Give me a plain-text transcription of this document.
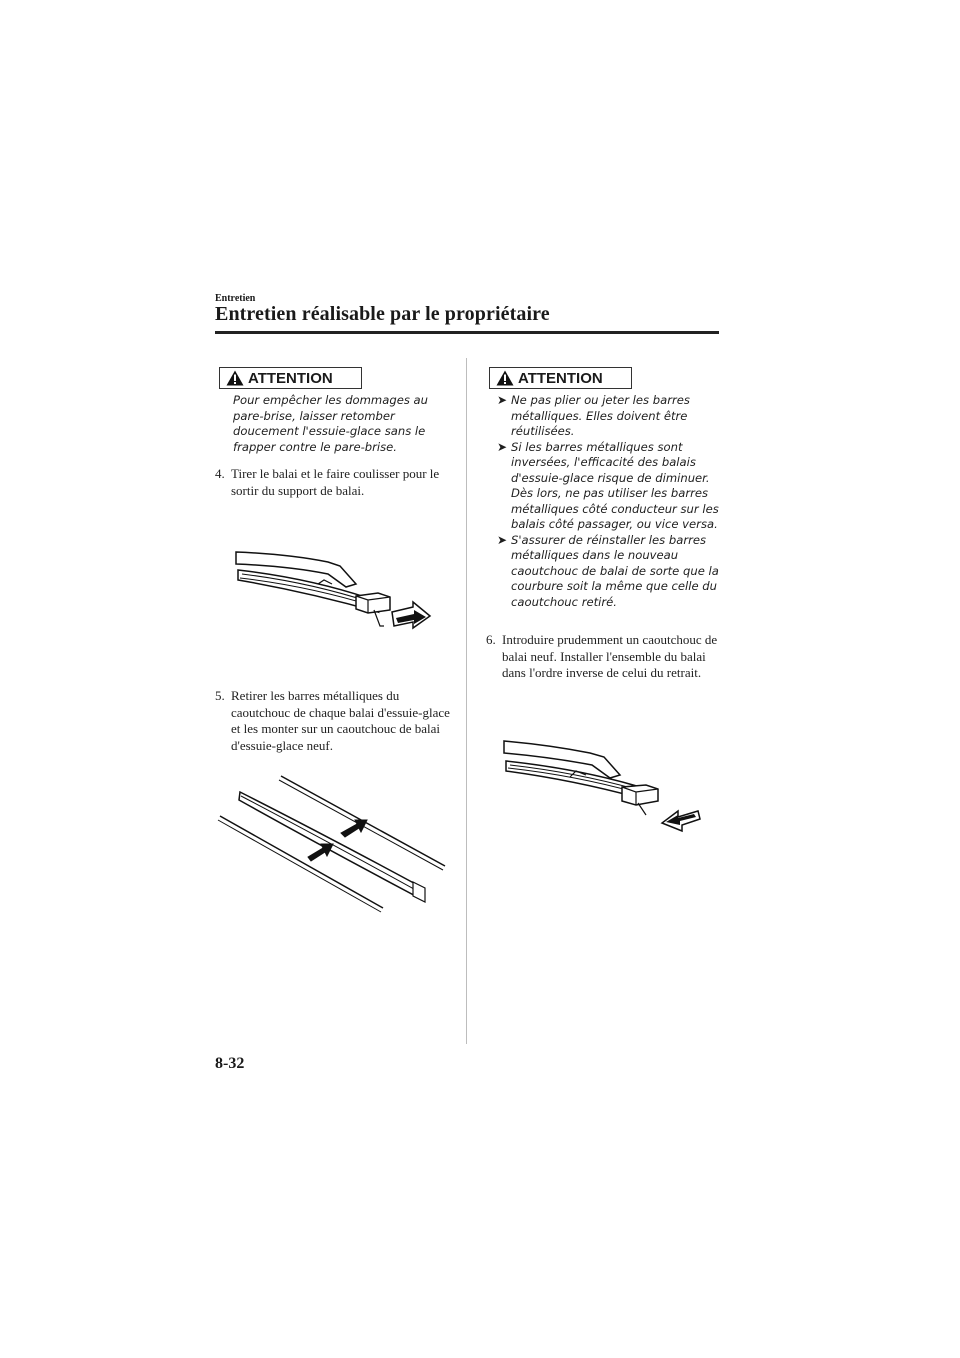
Entretien
Entretien réalisable par le propriétaire
ATTENTION
Pour empêcher les dommages au
pare-brise, laisser retomber
doucement l'essuie-glace sans le
frapper contre le pare-brise.
4. Tirer le balai et le faire coulisser pour le sortir du support de balai.
5. Retirer les barres métalliques du caoutchouc de chaque balai d'essuie-glace et les monter sur un caoutchouc de balai d'essuie-glace neuf.
ATTENTION
➤ Ne pas plier ou jeter les barres métalliques. Elles doivent être réutilisées.
➤ Si les barres métalliques sont inversées, l'efficacité des balais d'essuie-glace risque de diminuer. Dès lors, ne pas utiliser les barres métalliques côté conducteur sur les balais côté passager, ou vice versa.
➤ S'assurer de réinstaller les barres métalliques dans le nouveau caoutchouc de balai de sorte que la courbure soit la même que celle du caoutchouc retiré.
6. Introduire prudemment un caoutchouc de balai neuf. Installer l'ensemble du balai dans l'ordre inverse de celui du retrait.
8-32
